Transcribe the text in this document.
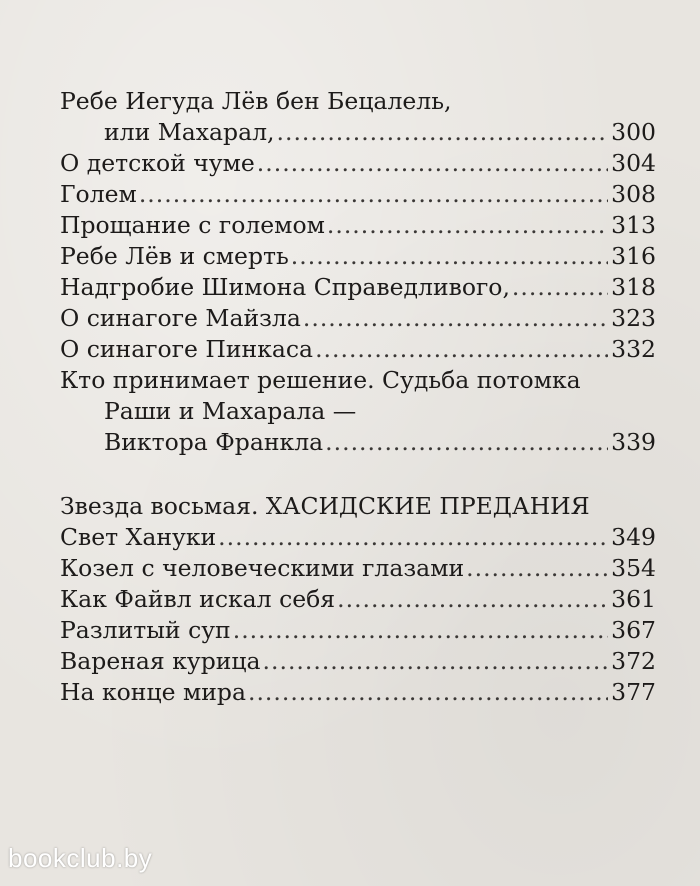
Ребе Иегуда Лёв бен Бецалель,
или Махарал, .....	300
О детской чуме .....	304
Голем .....	308
Прощание с големом .....	313
Ребе Лёв и смерть .....	316
Надгробие Шимона Справедливого, .....	318
О синагоге Майзла .....	323
О синагоге Пинкаса .....	332
Кто принимает решение. Судьба потомка
Раши и Махарала —
Виктора Франкла .....	339
Звезда восьмая. ХАСИДСКИЕ ПРЕДАНИЯ
Свет Хануки .....	349
Козел с человеческими глазами .....	354
Как Файвл искал себя .....	361
Разлитый суп .....	367
Вареная курица .....	372
На конце мира .....	377
bookclub.by
